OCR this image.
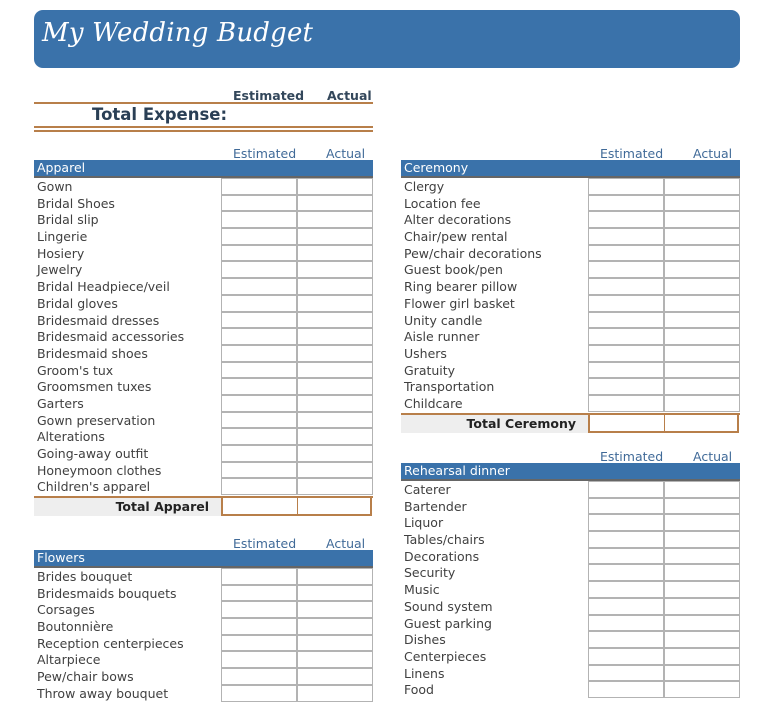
My Wedding Budget
Estimated Actual
Total Expense:
Estimated Actual
Apparel
Gown
Bridal Shoes
Bridal slip
Lingerie
Hosiery
Jewelry
Bridal Headpiece/veil
Bridal gloves
Bridesmaid dresses
Bridesmaid accessories
Bridesmaid shoes
Groom's tux
Groomsmen tuxes
Garters
Gown preservation
Alterations
Going-away outfit
Honeymoon clothes
Children's apparel
Total Apparel
Estimated Actual
Flowers
Brides bouquet
Bridesmaids bouquets
Corsages
Boutonnière
Reception centerpieces
Altarpiece
Pew/chair bows
Throw away bouquet
Estimated Actual
Ceremony
Clergy
Location fee
Alter decorations
Chair/pew rental
Pew/chair decorations
Guest book/pen
Ring bearer pillow
Flower girl basket
Unity candle
Aisle runner
Ushers
Gratuity
Transportation
Childcare
Total Ceremony
Estimated Actual
Rehearsal dinner
Caterer
Bartender
Liquor
Tables/chairs
Decorations
Security
Music
Sound system
Guest parking
Dishes
Centerpieces
Linens
Food
